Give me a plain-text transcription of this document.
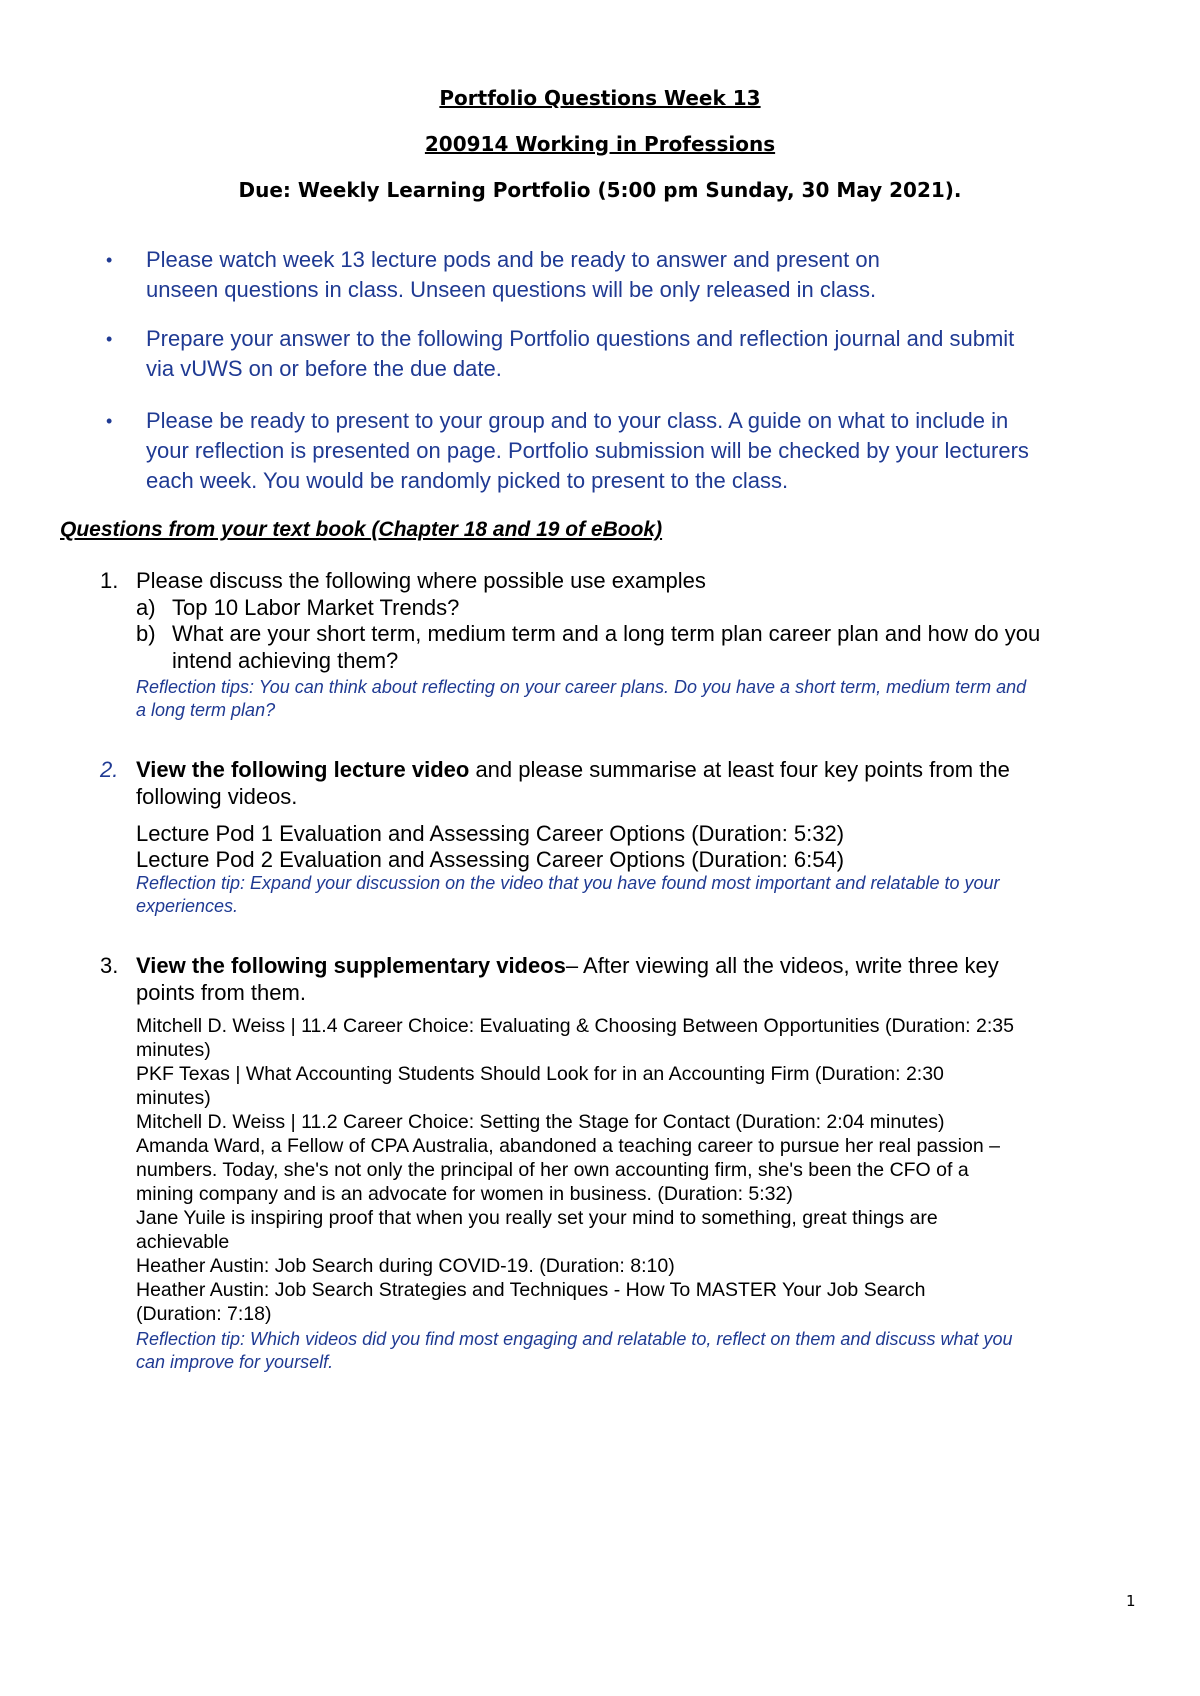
Portfolio Questions Week 13
200914 Working in Professions
Due: Weekly Learning Portfolio (5:00 pm Sunday, 30 May 2021).
• Please watch week 13 lecture pods and be ready to answer and present on
unseen questions in class. Unseen questions will be only released in class.
• Prepare your answer to the following Portfolio questions and reflection journal and submit
via vUWS on or before the due date.
• Please be ready to present to your group and to your class. A guide on what to include in
your reflection is presented on page. Portfolio submission will be checked by your lecturers
each week. You would be randomly picked to present to the class.
Questions from your text book (Chapter 18 and 19 of eBook)
1. Please discuss the following where possible use examples
a) Top 10 Labor Market Trends?
b) What are your short term, medium term and a long term plan career plan and how do you
intend achieving them?
Reflection tips: You can think about reflecting on your career plans. Do you have a short term, medium term and
a long term plan?
2. View the following lecture video and please summarise at least four key points from the
following videos.
Lecture Pod 1 Evaluation and Assessing Career Options (Duration: 5:32)
Lecture Pod 2 Evaluation and Assessing Career Options (Duration: 6:54)
Reflection tip: Expand your discussion on the video that you have found most important and relatable to your
experiences.
3. View the following supplementary videos– After viewing all the videos, write three key
points from them.
Mitchell D. Weiss | 11.4 Career Choice: Evaluating & Choosing Between Opportunities (Duration: 2:35
minutes)
PKF Texas | What Accounting Students Should Look for in an Accounting Firm (Duration: 2:30
minutes)
Mitchell D. Weiss | 11.2 Career Choice: Setting the Stage for Contact (Duration: 2:04 minutes)
Amanda Ward, a Fellow of CPA Australia, abandoned a teaching career to pursue her real passion –
numbers. Today, she's not only the principal of her own accounting firm, she's been the CFO of a
mining company and is an advocate for women in business. (Duration: 5:32)
Jane Yuile is inspiring proof that when you really set your mind to something, great things are
achievable
Heather Austin: Job Search during COVID-19. (Duration: 8:10)
Heather Austin: Job Search Strategies and Techniques - How To MASTER Your Job Search
(Duration: 7:18)
Reflection tip: Which videos did you find most engaging and relatable to, reflect on them and discuss what you
can improve for yourself.
1
